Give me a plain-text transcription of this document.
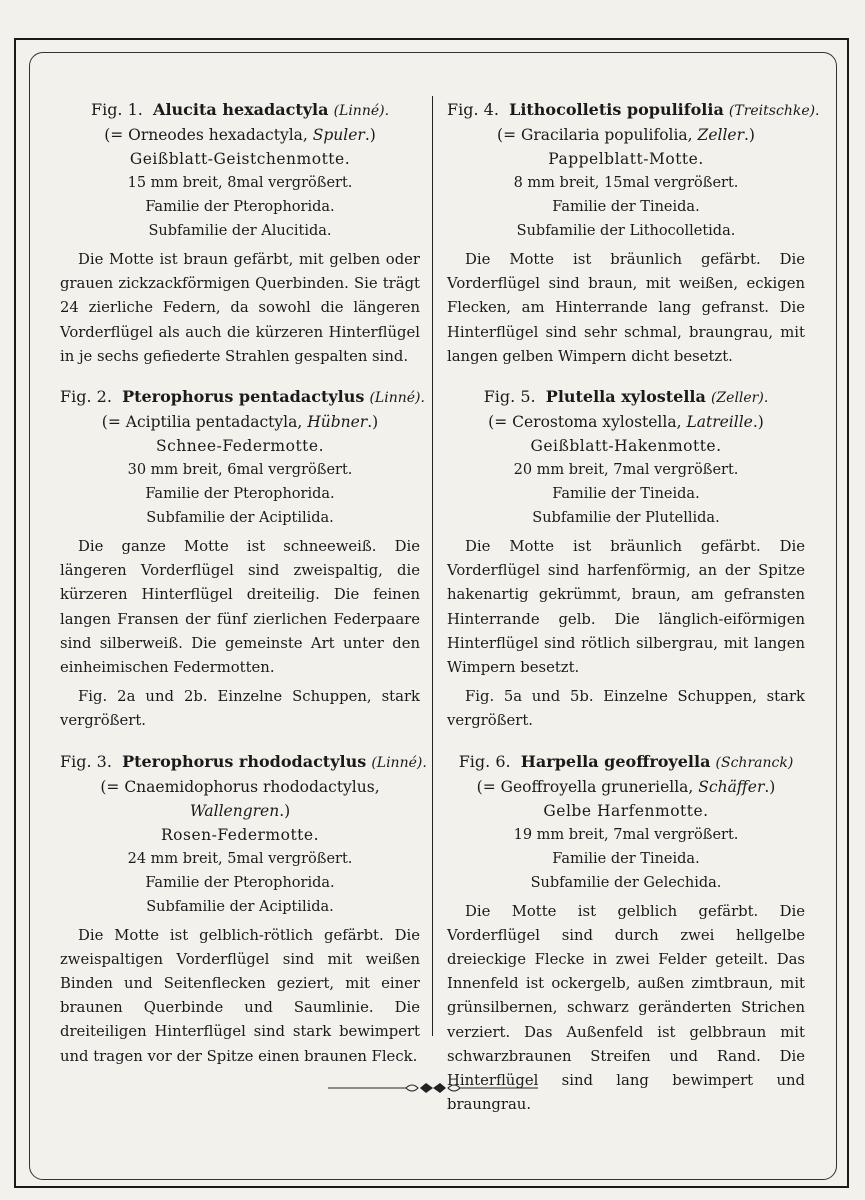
Fig. 1. Alucita hexadactyla (Linné).
(= Orneodes hexadactyla, Spuler.)
Geißblatt-Geistchenmotte.
15 mm breit, 8mal vergrößert.
Familie der Pterophorida.
Subfamilie der Alucitida.
Die Motte ist braun gefärbt, mit gelben oder grauen zickzackförmigen Querbinden. Sie trägt 24 zierliche Federn, da sowohl die längeren Vorderflügel als auch die kürzeren Hinterflügel in je sechs gefiederte Strahlen gespalten sind.
Fig. 2. Pterophorus pentadactylus (Linné).
(= Aciptilia pentadactyla, Hübner.)
Schnee-Federmotte.
30 mm breit, 6mal vergrößert.
Familie der Pterophorida.
Subfamilie der Aciptilida.
Die ganze Motte ist schneeweiß. Die längeren Vorderflügel sind zweispaltig, die kürzeren Hinterflügel dreiteilig. Die feinen langen Fransen der fünf zierlichen Federpaare sind silberweiß. Die gemeinste Art unter den einheimischen Federmotten.
Fig. 2a und 2b. Einzelne Schuppen, stark vergrößert.
Fig. 3. Pterophorus rhododactylus (Linné).
(= Cnaemidophorus rhododactylus,
Wallengren.)
Rosen-Federmotte.
24 mm breit, 5mal vergrößert.
Familie der Pterophorida.
Subfamilie der Aciptilida.
Die Motte ist gelblich-rötlich gefärbt. Die zweispaltigen Vorderflügel sind mit weißen Binden und Seitenflecken geziert, mit einer braunen Querbinde und Saumlinie. Die dreiteiligen Hinterflügel sind stark bewimpert und tragen vor der Spitze einen braunen Fleck.
Fig. 4. Lithocolletis populifolia (Treitschke).
(= Gracilaria populifolia, Zeller.)
Pappelblatt-Motte.
8 mm breit, 15mal vergrößert.
Familie der Tineida.
Subfamilie der Lithocolletida.
Die Motte ist bräunlich gefärbt. Die Vorderflügel sind braun, mit weißen, eckigen Flecken, am Hinterrande lang gefranst. Die Hinterflügel sind sehr schmal, braungrau, mit langen gelben Wimpern dicht besetzt.
Fig. 5. Plutella xylostella (Zeller).
(= Cerostoma xylostella, Latreille.)
Geißblatt-Hakenmotte.
20 mm breit, 7mal vergrößert.
Familie der Tineida.
Subfamilie der Plutellida.
Die Motte ist bräunlich gefärbt. Die Vorderflügel sind harfenförmig, an der Spitze hakenartig gekrümmt, braun, am gefransten Hinterrande gelb. Die länglich-eiförmigen Hinterflügel sind rötlich silbergrau, mit langen Wimpern besetzt.
Fig. 5a und 5b. Einzelne Schuppen, stark vergrößert.
Fig. 6. Harpella geoffroyella (Schranck)
(= Geoffroyella gruneriella, Schäffer.)
Gelbe Harfenmotte.
19 mm breit, 7mal vergrößert.
Familie der Tineida.
Subfamilie der Gelechida.
Die Motte ist gelblich gefärbt. Die Vorderflügel sind durch zwei hellgelbe dreieckige Flecke in zwei Felder geteilt. Das Innenfeld ist ockergelb, außen zimtbraun, mit grünsilbernen, schwarz geränderten Strichen verziert. Das Außenfeld ist gelbbraun mit schwarzbraunen Streifen und Rand. Die Hinterflügel sind lang bewimpert und braungrau.
